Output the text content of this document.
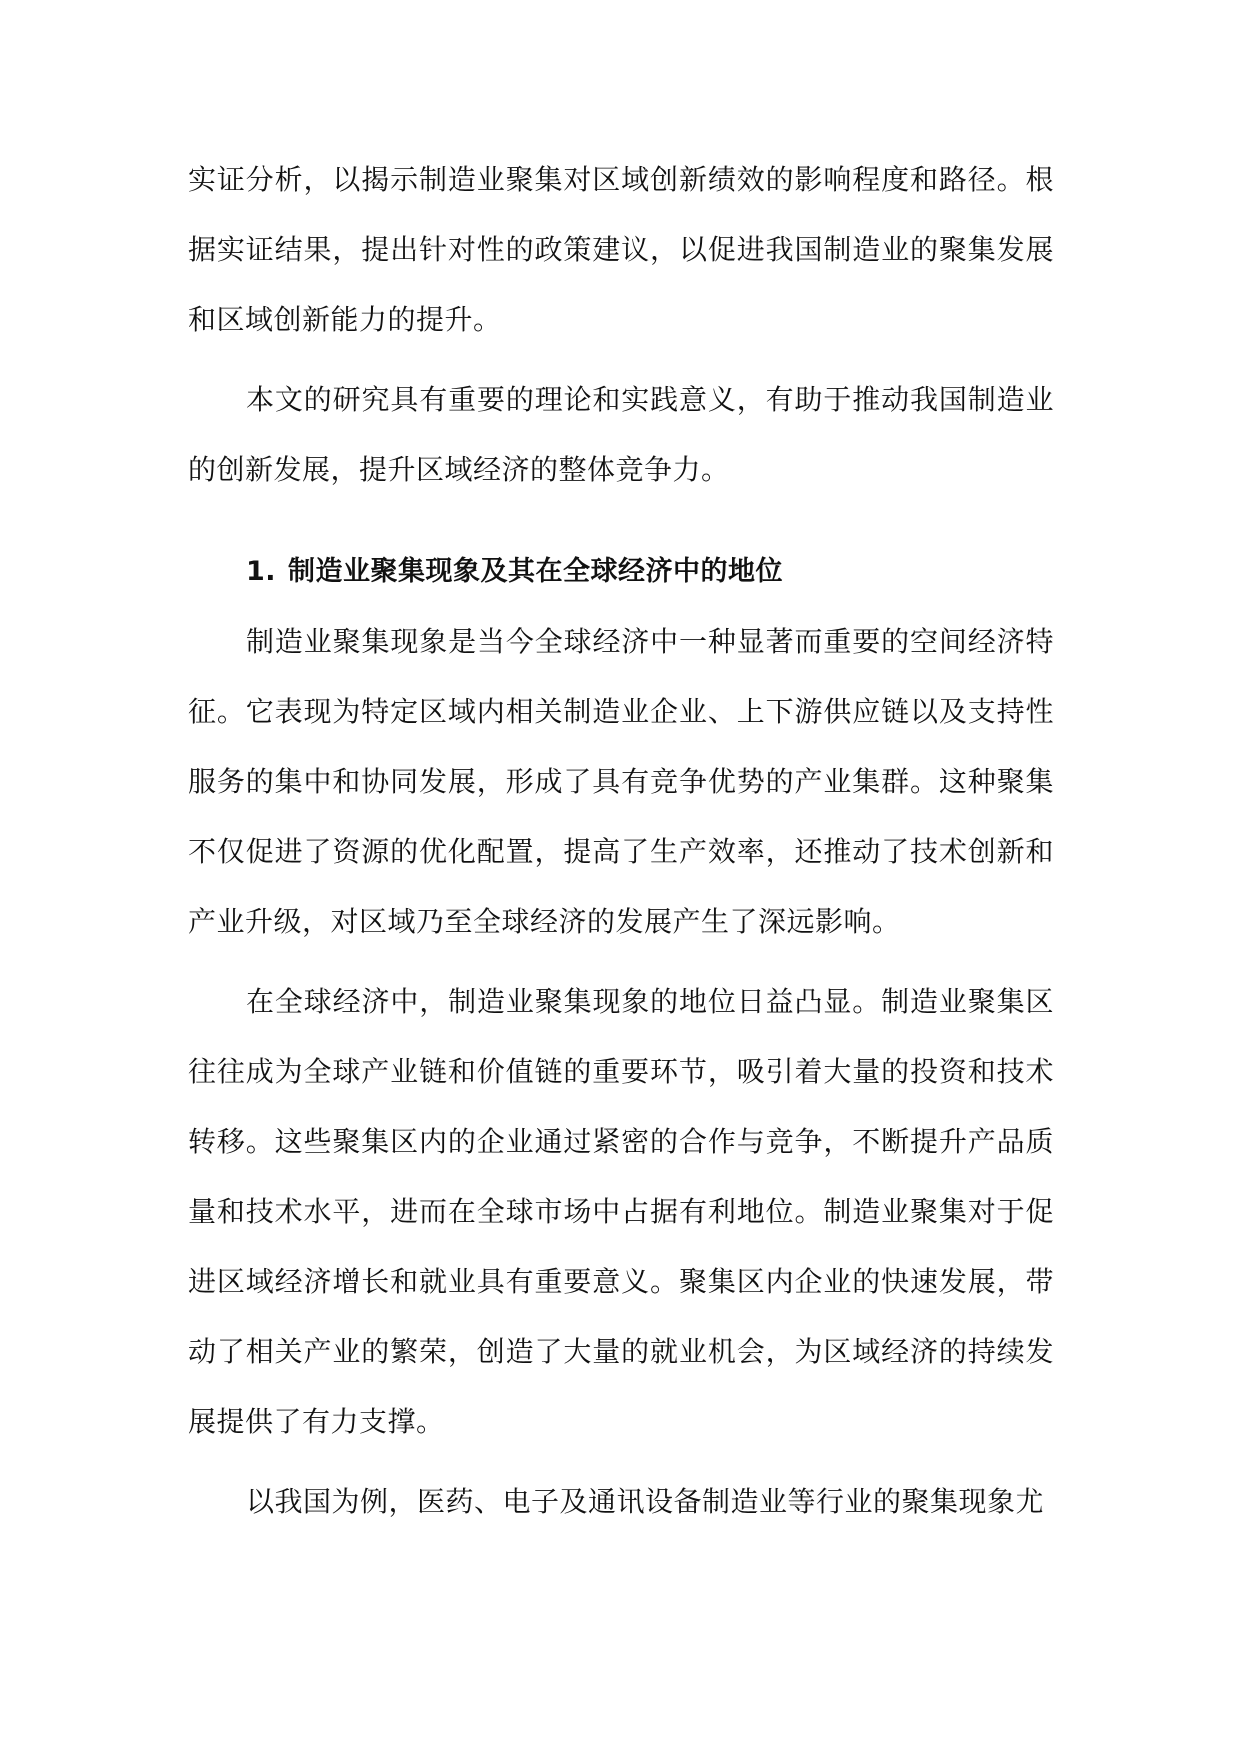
实证分析，以揭示制造业聚集对区域创新绩效的影响程度和路径。根据实证结果，提出针对性的政策建议，以促进我国制造业的聚集发展和区域创新能力的提升。

本文的研究具有重要的理论和实践意义，有助于推动我国制造业的创新发展，提升区域经济的整体竞争力。

1. 制造业聚集现象及其在全球经济中的地位

制造业聚集现象是当今全球经济中一种显著而重要的空间经济特征。它表现为特定区域内相关制造业企业、上下游供应链以及支持性服务的集中和协同发展，形成了具有竞争优势的产业集群。这种聚集不仅促进了资源的优化配置，提高了生产效率，还推动了技术创新和产业升级，对区域乃至全球经济的发展产生了深远影响。

在全球经济中，制造业聚集现象的地位日益凸显。制造业聚集区往往成为全球产业链和价值链的重要环节，吸引着大量的投资和技术转移。这些聚集区内的企业通过紧密的合作与竞争，不断提升产品质量和技术水平，进而在全球市场中占据有利地位。制造业聚集对于促进区域经济增长和就业具有重要意义。聚集区内企业的快速发展，带动了相关产业的繁荣，创造了大量的就业机会，为区域经济的持续发展提供了有力支撑。

以我国为例，医药、电子及通讯设备制造业等行业的聚集现象尤
